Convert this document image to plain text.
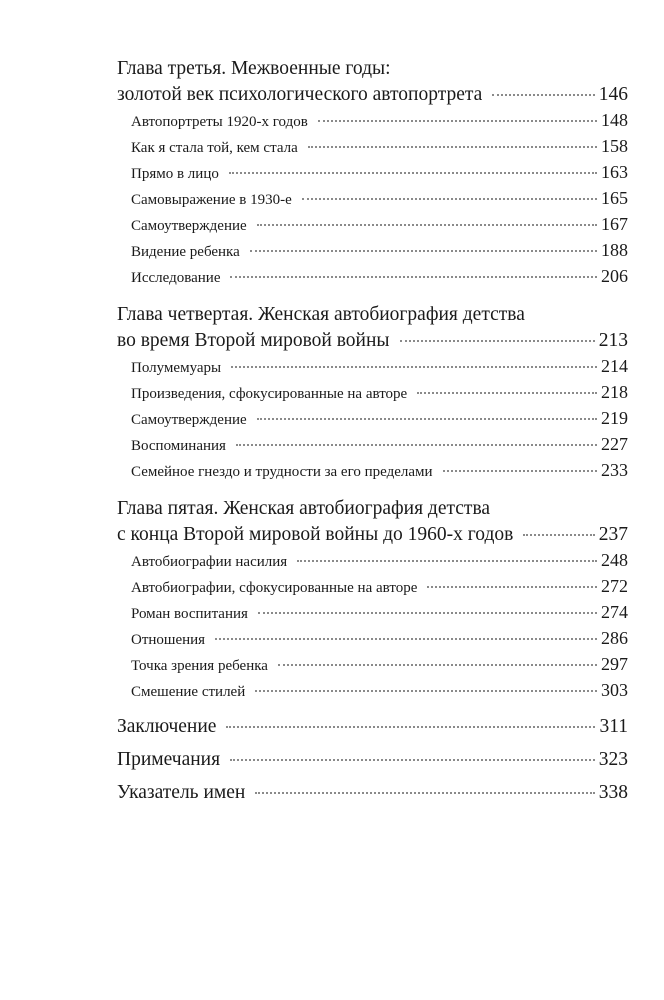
Глава третья. Межвоенные годы:
золотой век психологического автопортрета	146
Автопортреты 1920-х годов	148
Как я стала той, кем стала	158
Прямо в лицо	163
Самовыражение в 1930-е	165
Самоутверждение	167
Видение ребенка	188
Исследование	206
Глава четвертая. Женская автобиография детства
во время Второй мировой войны	213
Полумемуары	214
Произведения, сфокусированные на авторе	218
Самоутверждение	219
Воспоминания	227
Семейное гнездо и трудности за его пределами	233
Глава пятая. Женская автобиография детства
с конца Второй мировой войны до 1960-х годов	237
Автобиографии насилия	248
Автобиографии, сфокусированные на авторе	272
Роман воспитания	274
Отношения	286
Точка зрения ребенка	297
Смешение стилей	303
Заключение	311
Примечания	323
Указатель имен	338
